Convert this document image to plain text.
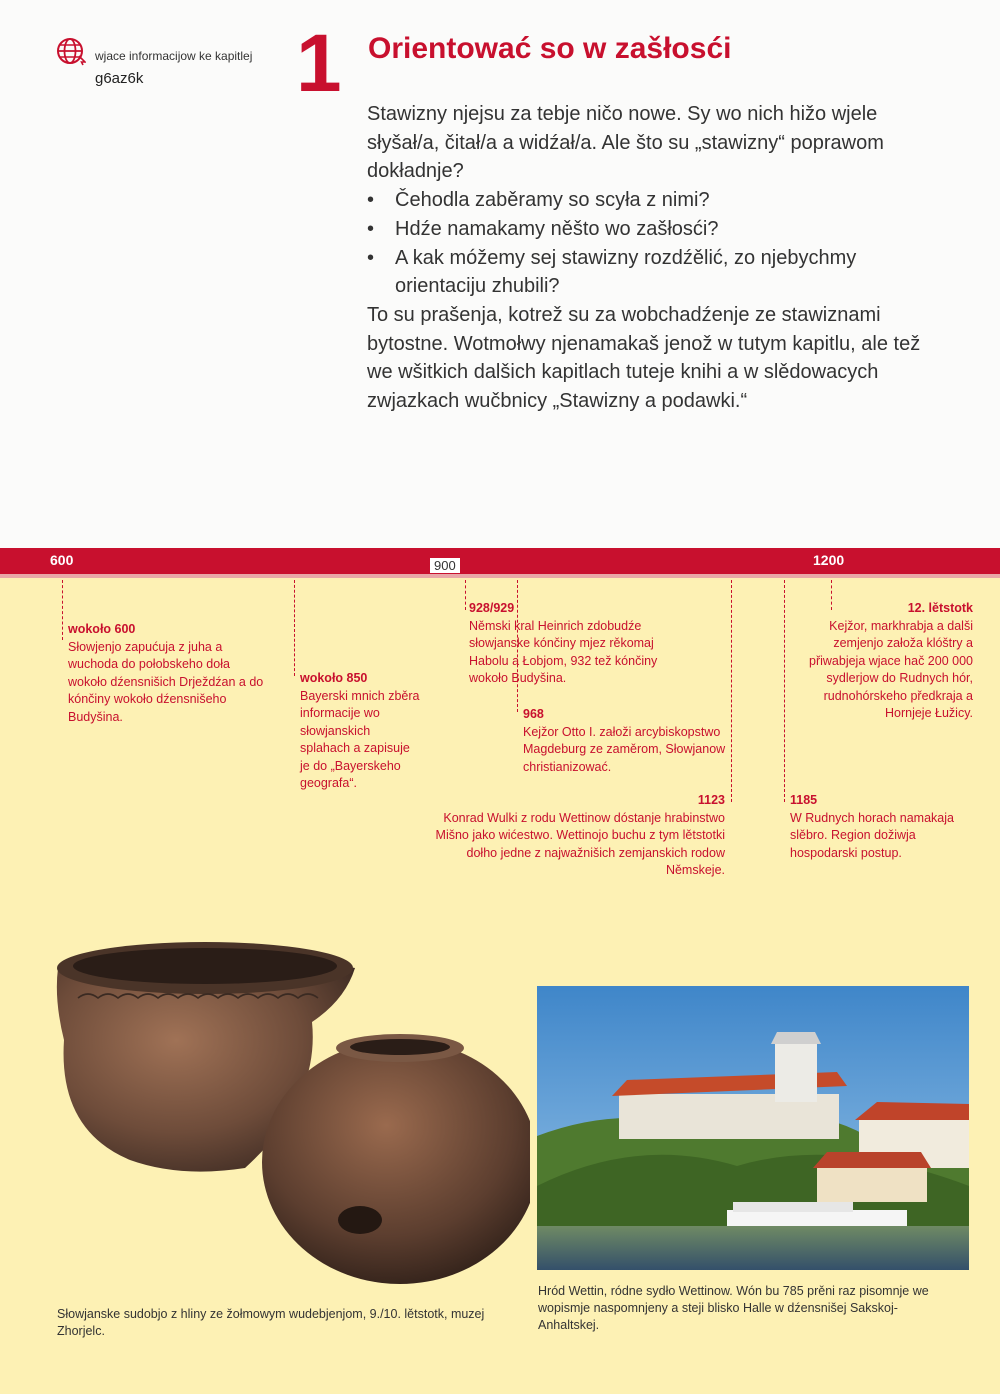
wjace informacijow ke kapitlej
g6az6k 1 Orientować so w zašłosći

Stawizny njejsu za tebje ničo nowe. Sy wo nich hižo wjele słyšał/a, čitał/a a widźał/a. Ale što su „stawizny“ poprawom dokładnje?

• Čehodla zaběramy so scyła z nimi?
• Hdźe namakamy něšto wo zašłosći?
• A kak móžemy sej stawizny rozdźělić, zo njebychmy orientaciju zhubili?

To su prašenja, kotrež su za wobchadźenje ze stawiznami bytostne. Wotmołwy njenamakaš jenož w tutym kapitlu, ale tež we wšitkich dalšich kapitlach tuteje knihi a w slědowacych zwjazkach wučbnicy „Stawizny a podawki.“

600	900	1200
wokoło 600
Słowjenjo zapućuja z juha a wuchoda do połobskeho doła wokoło dźensnišich Drježdźan a do kónčiny wokoło dźensnišeho Budyšina.
wokoło 850
Bayerski mnich zběra informacije wo słowjanskich splahach a zapisuje je do „Bayerskeho geografa“.
928/929
Němski kral Heinrich zdobudźe słowjanske kónčiny mjez rěkomaj Habolu a Łobjom, 932 tež kónčiny wokoło Budyšina.
968
Kejžor Otto I. załoži arcybiskopstwo Magdeburg ze zaměrom, Słowjanow christianizować.
1123
Konrad Wulki z rodu Wettinow dóstanje hrabinstwo Mišno jako wićestwo. Wettinojo buchu z tym lětstotki dołho jedne z najwažnišich zemjanskich rodow Němskeje.
12. lětstotk
Kejžor, markhrabja a dalši zemjenjo załoža klóštry a přiwabjeja wjace hač 200 000 sydlerjow do Rudnych hór, rudnohórskeho předkraja a Hornjeje Łužicy.
1185
W Rudnych horach namakaja slěbro. Region dožiwja hospodarski postup.
Słowjanske sudobjo z hliny ze žołmowym wudebjenjom, 9./10. lětstotk, muzej Zhorjelc.
Hród Wettin, ródne sydło Wettinow. Wón bu 785 prěni raz pisomnje we wopismje naspomnjeny a steji blisko Halle w dźensnišej Sakskoj-Anhaltskej.
